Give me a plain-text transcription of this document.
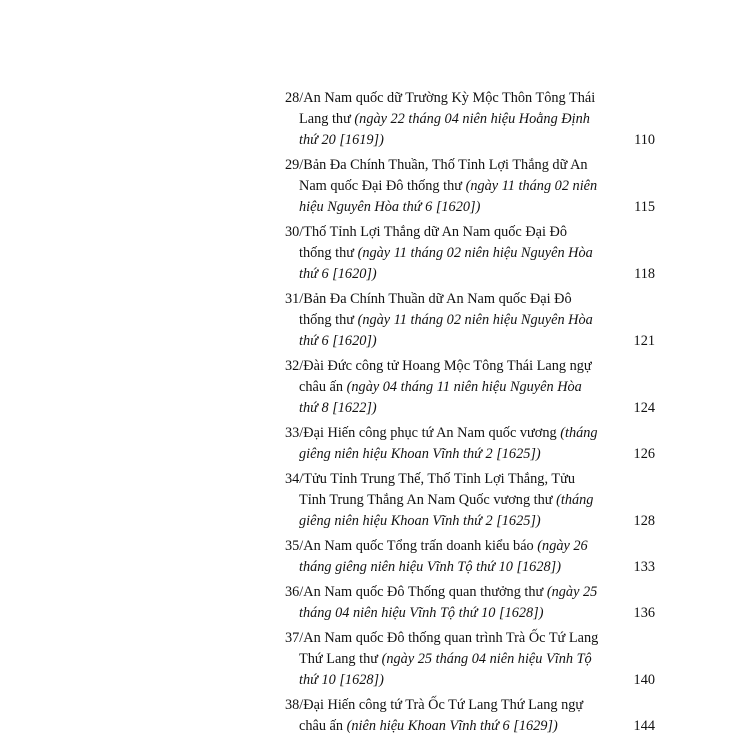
28/An Nam quốc dữ Trường Kỳ Mộc Thôn Tông Thái Lang thư (ngày 22 tháng 04 niên hiệu Hoằng Định thứ 20 [1619])	110
29/Bản Đa Chính Thuần, Thố Tỉnh Lợi Thắng dữ An Nam quốc Đại Đô thống thư (ngày 11 tháng 02 niên hiệu Nguyên Hòa thứ 6 [1620])	115
30/Thố Tỉnh Lợi Thắng dữ An Nam quốc Đại Đô thống thư (ngày 11 tháng 02 niên hiệu Nguyên Hòa thứ 6 [1620])	118
31/Bản Đa Chính Thuần dữ An Nam quốc Đại Đô thống thư (ngày 11 tháng 02 niên hiệu Nguyên Hòa thứ 6 [1620])	121
32/Đài Đức công tử Hoang Mộc Tông Thái Lang ngự châu ấn (ngày 04 tháng 11 niên hiệu Nguyên Hòa thứ 8 [1622])	124
33/Đại Hiến công phục tứ An Nam quốc vương (tháng giêng niên hiệu Khoan Vĩnh thứ 2 [1625])	126
34/Tửu Tỉnh Trung Thế, Thố Tỉnh Lợi Thắng, Tửu Tỉnh Trung Thắng An Nam Quốc vương thư (tháng giêng niên hiệu Khoan Vĩnh thứ 2 [1625])	128
35/An Nam quốc Tổng trấn doanh kiểu báo (ngày 26 tháng giêng niên hiệu Vĩnh Tộ thứ 10 [1628])	133
36/An Nam quốc Đô Thống quan thưởng thư (ngày 25 tháng 04 niên hiệu Vĩnh Tộ thứ 10 [1628])	136
37/An Nam quốc Đô thống quan trình Trà Ốc Tứ Lang Thứ Lang thư (ngày 25 tháng 04 niên hiệu Vĩnh Tộ thứ 10 [1628])	140
38/Đại Hiến công tứ Trà Ốc Tứ Lang Thứ Lang ngự châu ấn (niên hiệu Khoan Vĩnh thứ 6 [1629])	144
